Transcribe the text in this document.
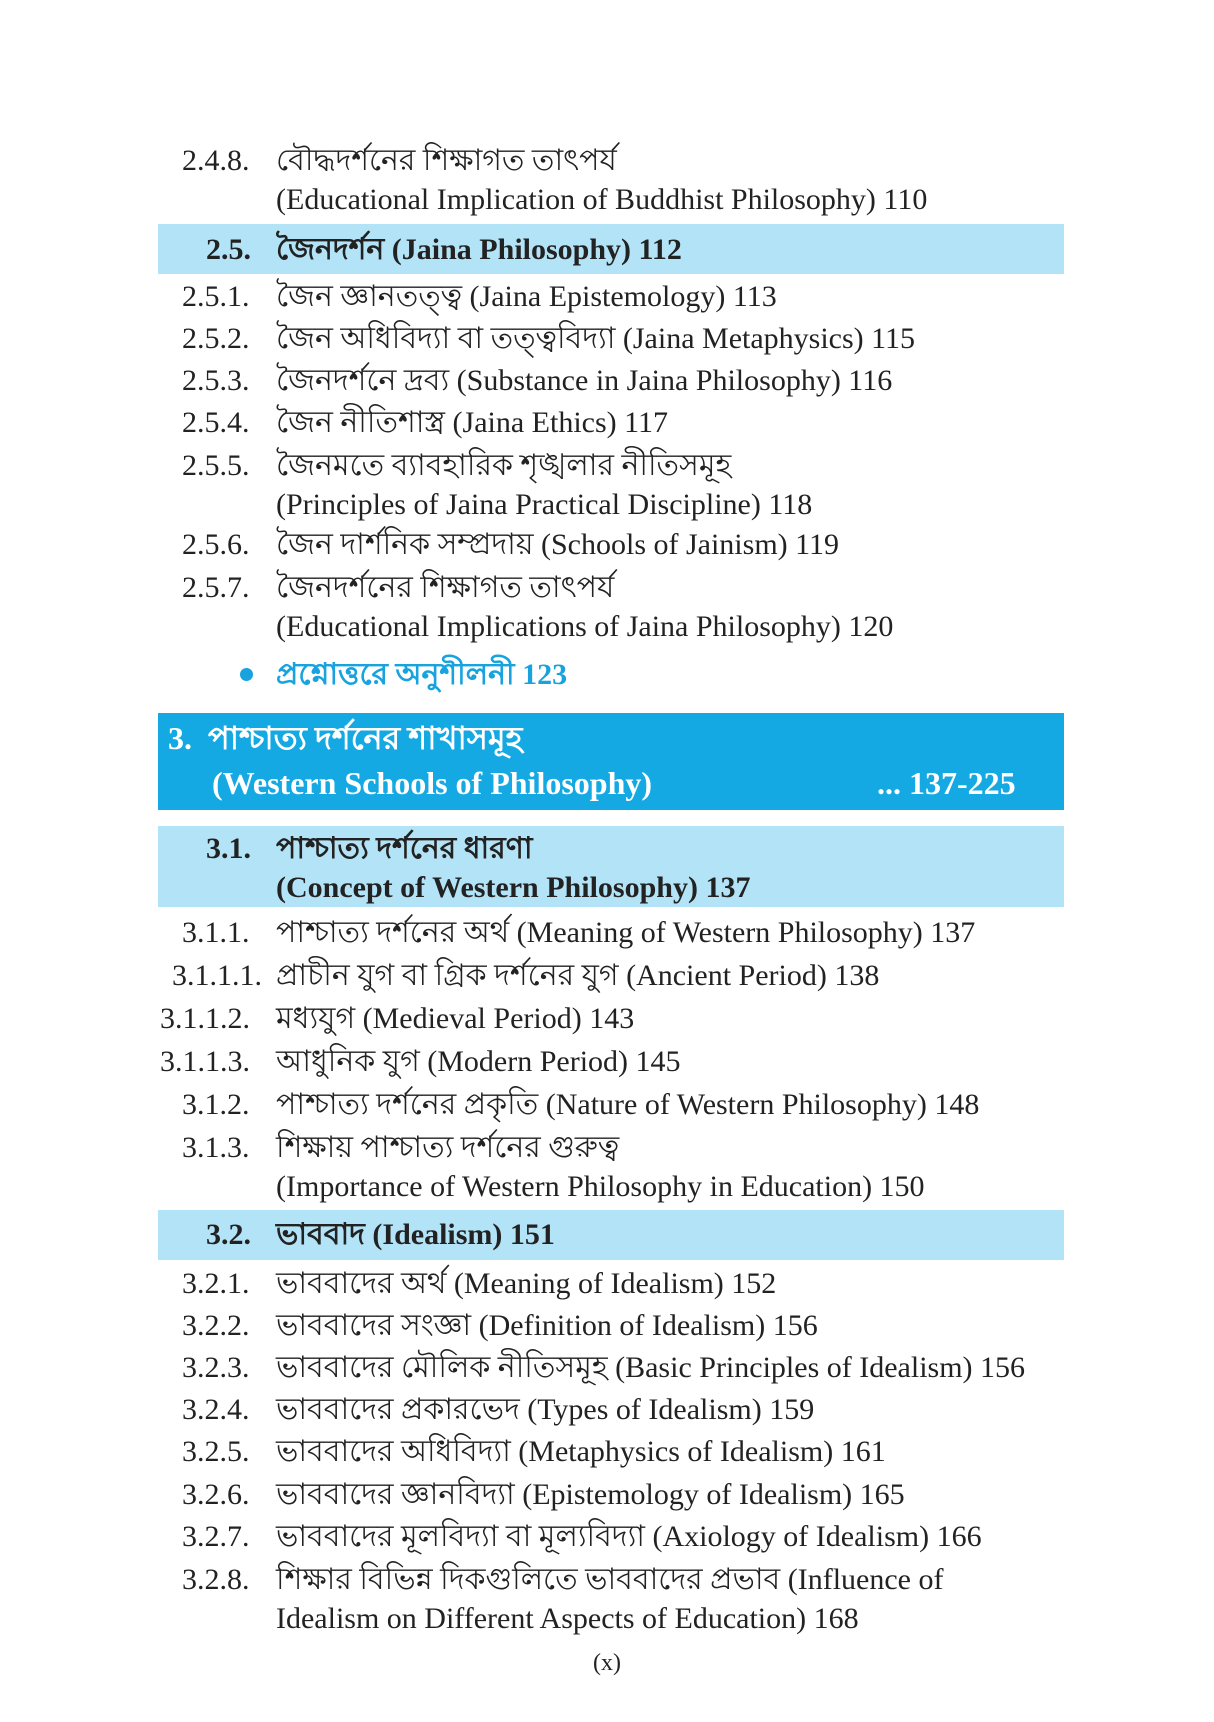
2.4.8. বৌদ্ধদর্শনের শিক্ষাগত তাৎপর্য
(Educational Implication of Buddhist Philosophy) 110
2.5. জৈনদর্শন (Jaina Philosophy) 112
2.5.1. জৈন জ্ঞানতত্ত্ব (Jaina Epistemology) 113
2.5.2. জৈন অধিবিদ্যা বা তত্ত্ববিদ্যা (Jaina Metaphysics) 115
2.5.3. জৈনদর্শনে দ্রব্য (Substance in Jaina Philosophy) 116
2.5.4. জৈন নীতিশাস্ত্র (Jaina Ethics) 117
2.5.5. জৈনমতে ব্যাবহারিক শৃঙ্খলার নীতিসমূহ
(Principles of Jaina Practical Discipline) 118
2.5.6. জৈন দার্শনিক সম্প্রদায় (Schools of Jainism) 119
2.5.7. জৈনদর্শনের শিক্ষাগত তাৎপর্য
(Educational Implications of Jaina Philosophy) 120
প্রশ্নোত্তরে অনুশীলনী 123
3. পাশ্চাত্য দর্শনের শাখাসমূহ
(Western Schools of Philosophy)	... 137-225
3.1. পাশ্চাত্য দর্শনের ধারণা
(Concept of Western Philosophy) 137
3.1.1. পাশ্চাত্য দর্শনের অর্থ (Meaning of Western Philosophy) 137
3.1.1.1. প্রাচীন যুগ বা গ্রিক দর্শনের যুগ (Ancient Period) 138
3.1.1.2. মধ্যযুগ (Medieval Period) 143
3.1.1.3. আধুনিক যুগ (Modern Period) 145
3.1.2. পাশ্চাত্য দর্শনের প্রকৃতি (Nature of Western Philosophy) 148
3.1.3. শিক্ষায় পাশ্চাত্য দর্শনের গুরুত্ব
(Importance of Western Philosophy in Education) 150
3.2. ভাববাদ (Idealism) 151
3.2.1. ভাববাদের অর্থ (Meaning of Idealism) 152
3.2.2. ভাববাদের সংজ্ঞা (Definition of Idealism) 156
3.2.3. ভাববাদের মৌলিক নীতিসমূহ (Basic Principles of Idealism) 156
3.2.4. ভাববাদের প্রকারভেদ (Types of Idealism) 159
3.2.5. ভাববাদের অধিবিদ্যা (Metaphysics of Idealism) 161
3.2.6. ভাববাদের জ্ঞানবিদ্যা (Epistemology of Idealism) 165
3.2.7. ভাববাদের মূলবিদ্যা বা মূল্যবিদ্যা (Axiology of Idealism) 166
3.2.8. শিক্ষার বিভিন্ন দিকগুলিতে ভাববাদের প্রভাব (Influence of
Idealism on Different Aspects of Education) 168
(x)
